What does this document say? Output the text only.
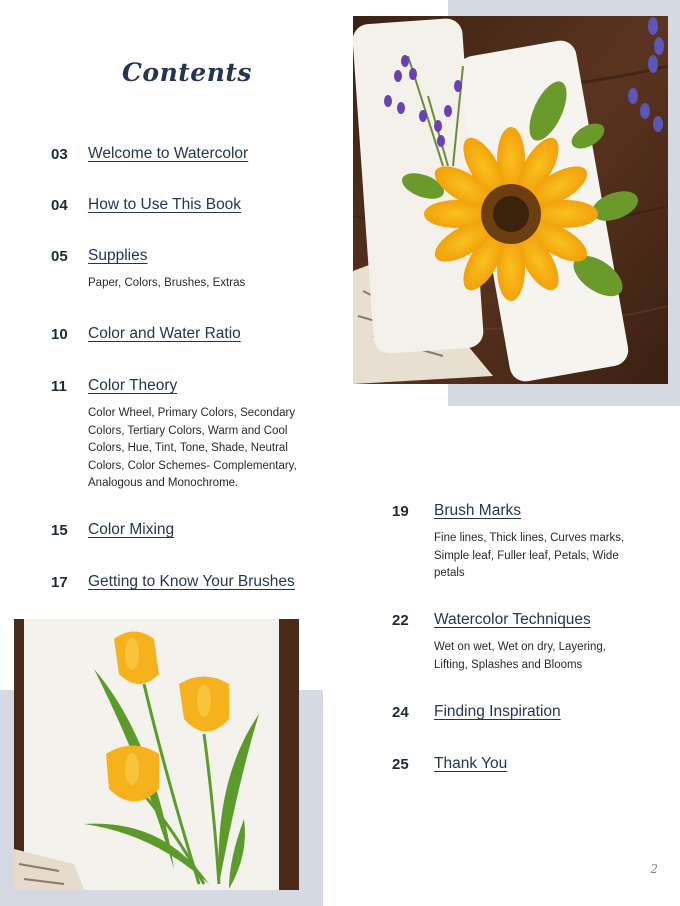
Contents
03 Welcome to Watercolor
04 How to Use This Book
05 Supplies
Paper, Colors, Brushes, Extras
10 Color and Water Ratio
11 Color Theory
Color Wheel, Primary Colors, Secondary Colors, Tertiary Colors, Warm and Cool Colors, Hue, Tint, Tone, Shade, Neutral Colors, Color Schemes- Complementary, Analogous and Monochrome.
15 Color Mixing
17 Getting to Know Your Brushes
19 Brush Marks
Fine lines, Thick lines, Curves marks, Simple leaf, Fuller leaf, Petals, Wide petals
22 Watercolor Techniques
Wet on wet, Wet on dry, Layering, Lifting, Splashes and Blooms
24 Finding Inspiration
25 Thank You
2
